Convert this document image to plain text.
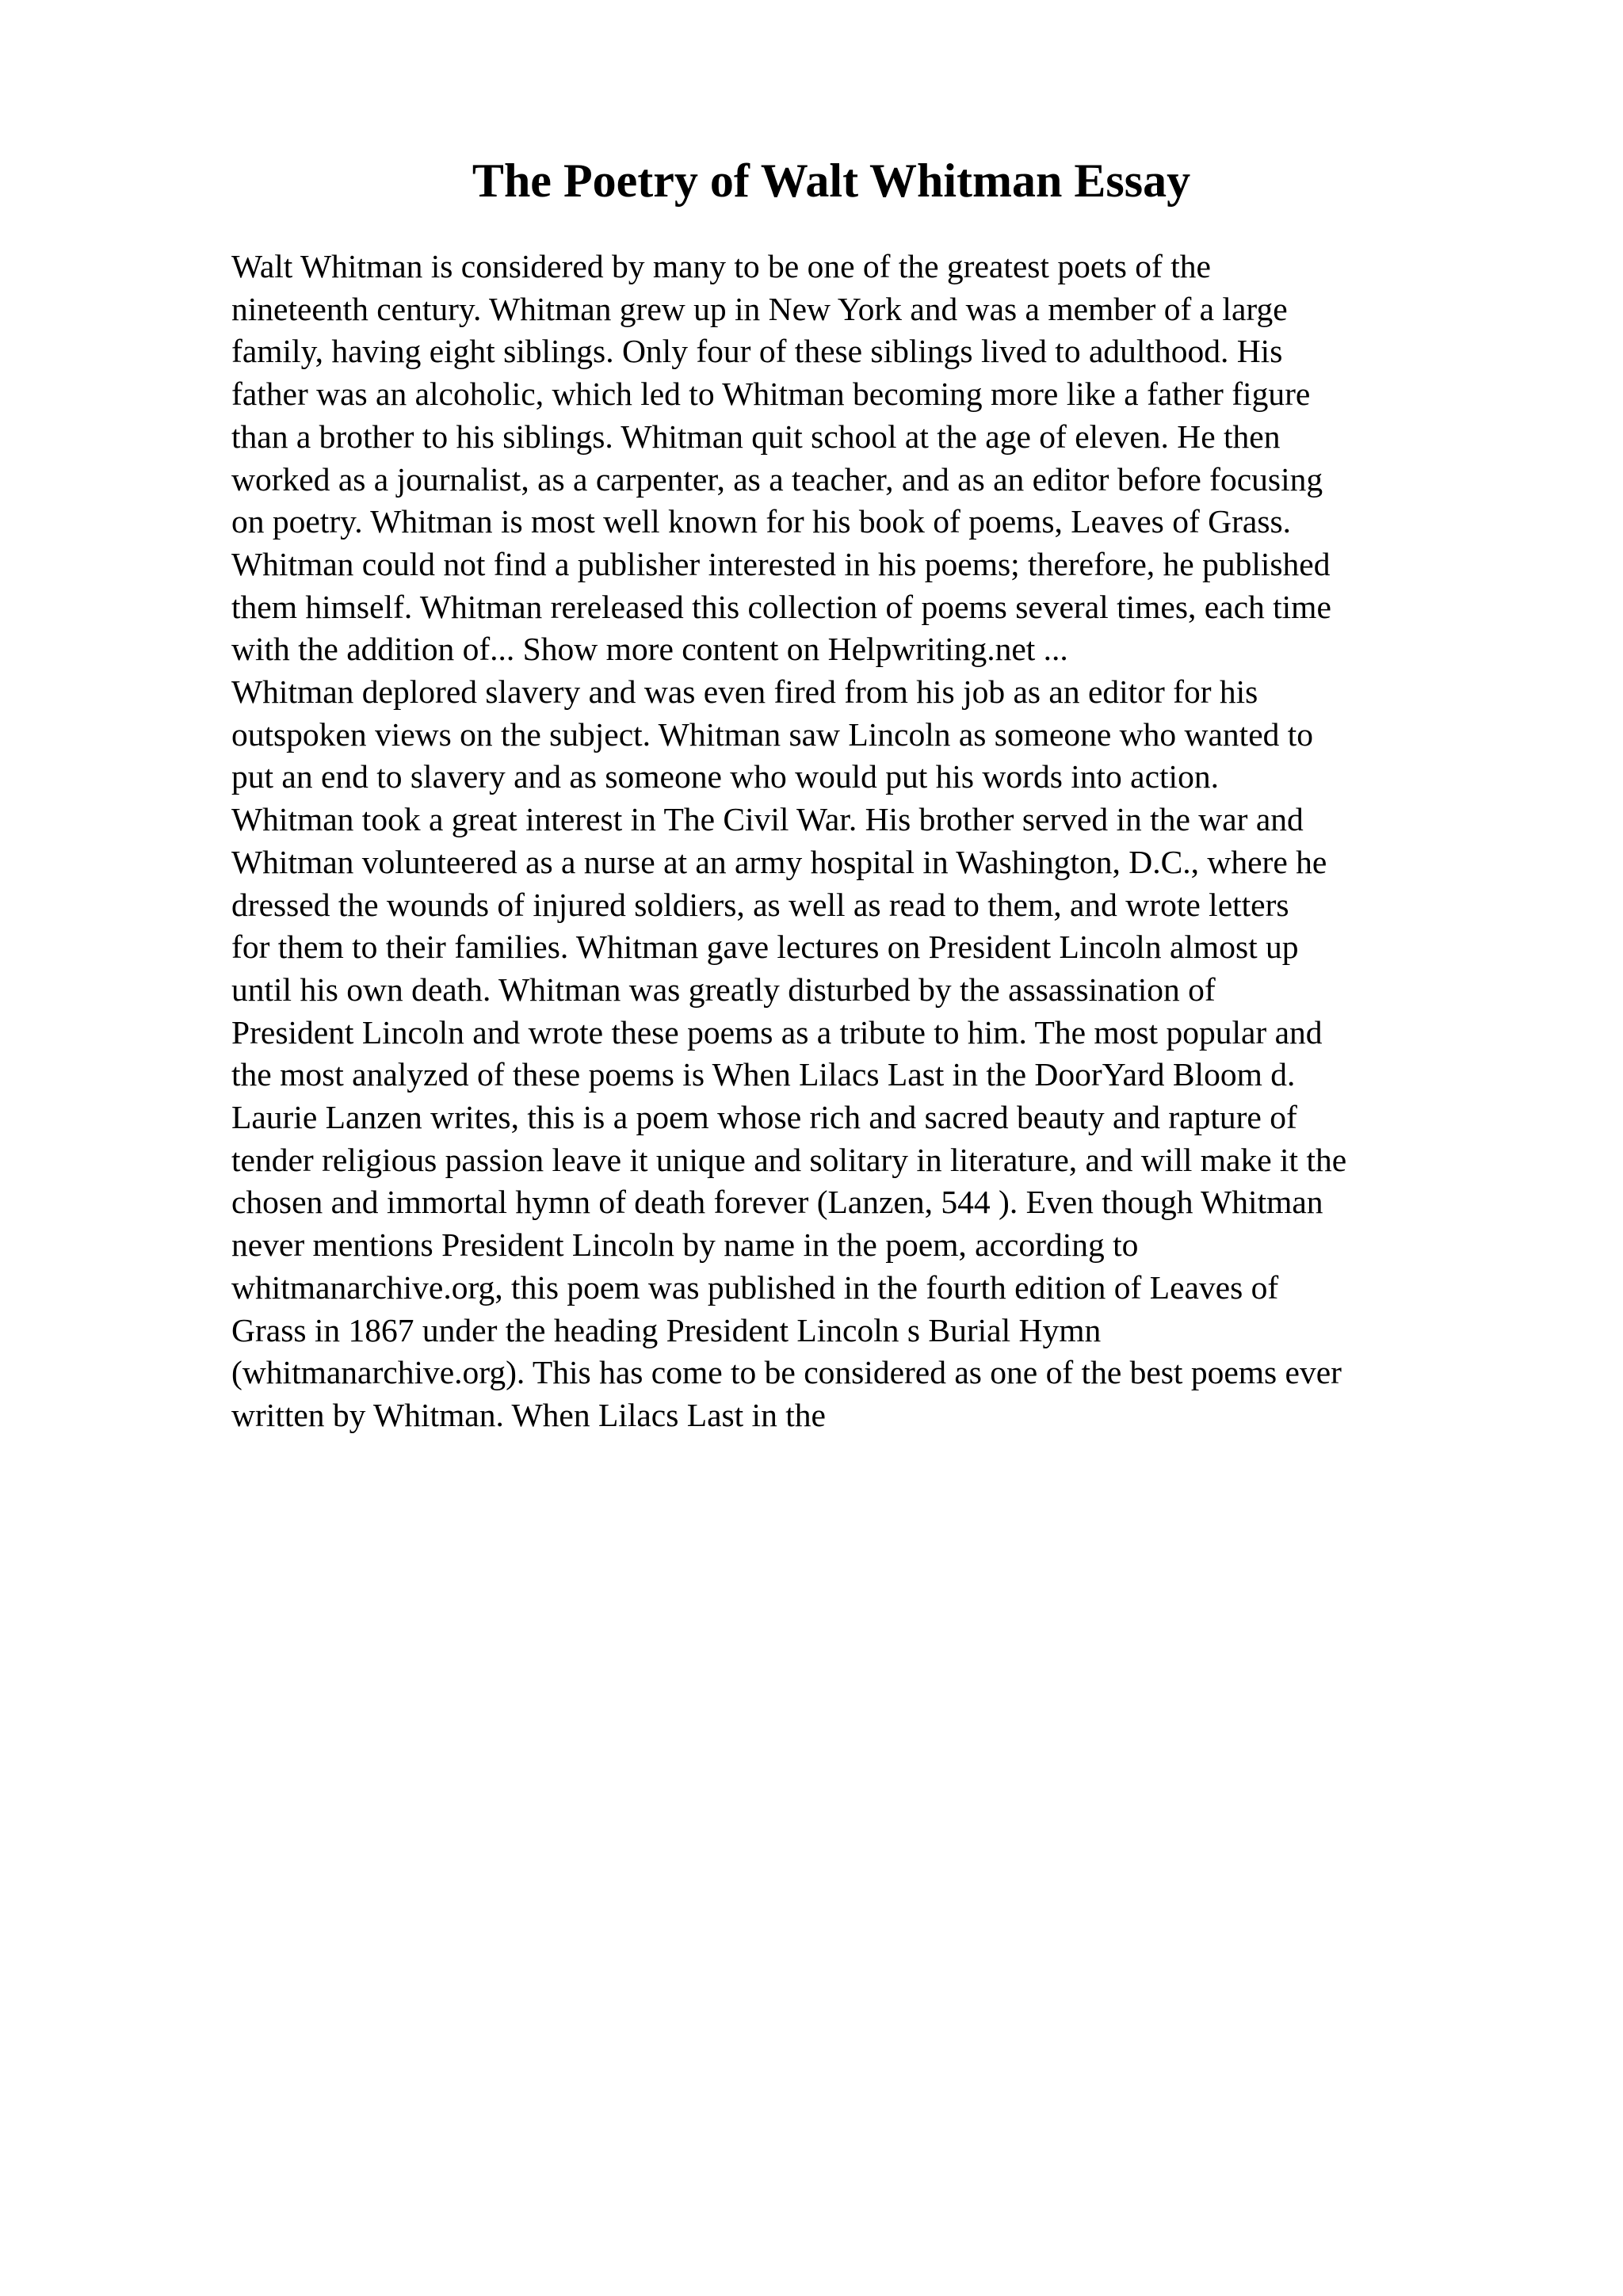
The Poetry of Walt Whitman Essay
Walt Whitman is considered by many to be one of the greatest poets of the
nineteenth century. Whitman grew up in New York and was a member of a large
family, having eight siblings. Only four of these siblings lived to adulthood. His
father was an alcoholic, which led to Whitman becoming more like a father figure
than a brother to his siblings. Whitman quit school at the age of eleven. He then
worked as a journalist, as a carpenter, as a teacher, and as an editor before focusing
on poetry. Whitman is most well known for his book of poems, Leaves of Grass.
Whitman could not find a publisher interested in his poems; therefore, he published
them himself. Whitman rereleased this collection of poems several times, each time
with the addition of... Show more content on Helpwriting.net ...
Whitman deplored slavery and was even fired from his job as an editor for his
outspoken views on the subject. Whitman saw Lincoln as someone who wanted to
put an end to slavery and as someone who would put his words into action.
Whitman took a great interest in The Civil War. His brother served in the war and
Whitman volunteered as a nurse at an army hospital in Washington, D.C., where he
dressed the wounds of injured soldiers, as well as read to them, and wrote letters
for them to their families. Whitman gave lectures on President Lincoln almost up
until his own death. Whitman was greatly disturbed by the assassination of
President Lincoln and wrote these poems as a tribute to him. The most popular and
the most analyzed of these poems is When Lilacs Last in the DoorYard Bloom d.
Laurie Lanzen writes, this is a poem whose rich and sacred beauty and rapture of
tender religious passion leave it unique and solitary in literature, and will make it the
chosen and immortal hymn of death forever (Lanzen, 544 ). Even though Whitman
never mentions President Lincoln by name in the poem, according to
whitmanarchive.org, this poem was published in the fourth edition of Leaves of
Grass in 1867 under the heading President Lincoln s Burial Hymn
(whitmanarchive.org). This has come to be considered as one of the best poems ever
written by Whitman. When Lilacs Last in the
